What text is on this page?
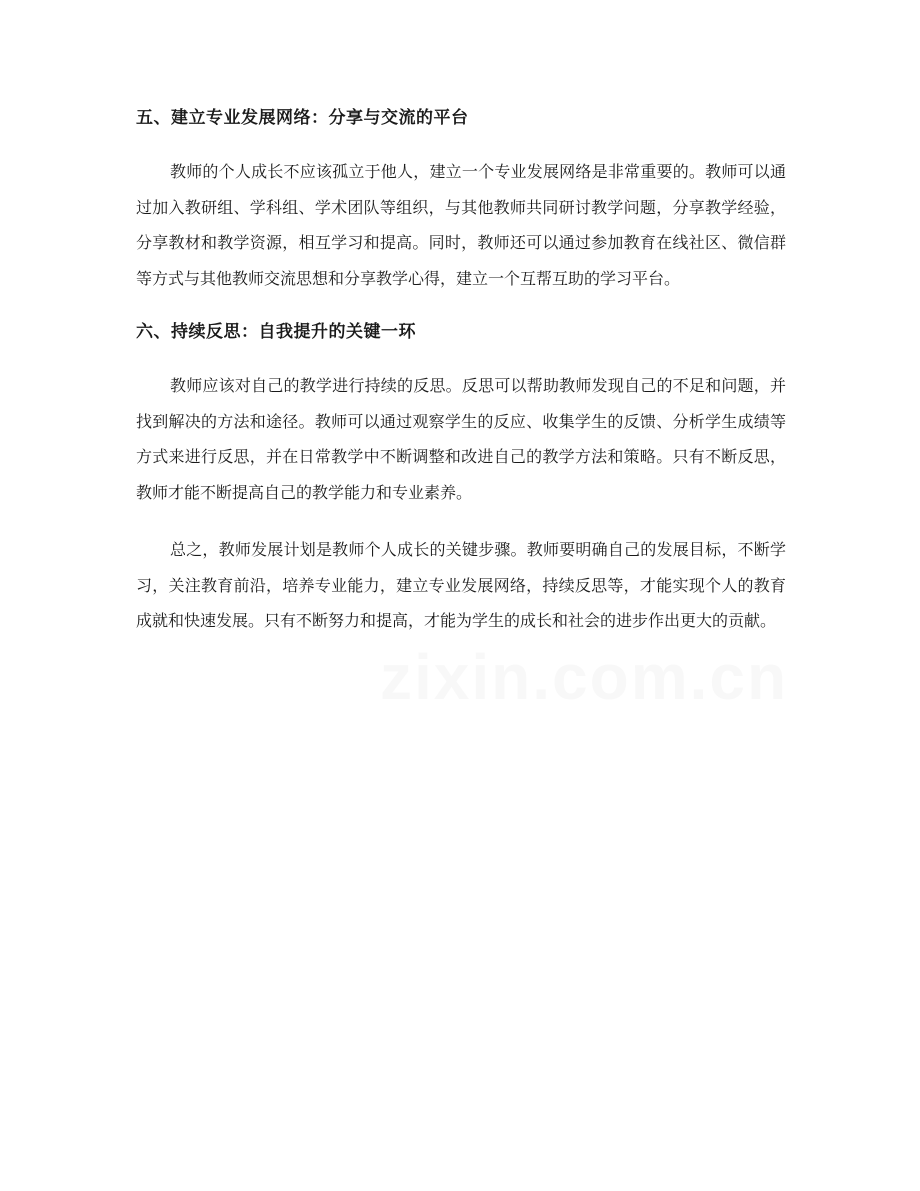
五、建立专业发展网络：分享与交流的平台

教师的个人成长不应该孤立于他人，建立一个专业发展网络是非常重要的。教师可以通过加入教研组、学科组、学术团队等组织，与其他教师共同研讨教学问题，分享教学经验，分享教材和教学资源，相互学习和提高。同时，教师还可以通过参加教育在线社区、微信群等方式与其他教师交流思想和分享教学心得，建立一个互帮互助的学习平台。

六、持续反思：自我提升的关键一环

教师应该对自己的教学进行持续的反思。反思可以帮助教师发现自己的不足和问题，并找到解决的方法和途径。教师可以通过观察学生的反应、收集学生的反馈、分析学生成绩等方式来进行反思，并在日常教学中不断调整和改进自己的教学方法和策略。只有不断反思，教师才能不断提高自己的教学能力和专业素养。

总之，教师发展计划是教师个人成长的关键步骤。教师要明确自己的发展目标，不断学习，关注教育前沿，培养专业能力，建立专业发展网络，持续反思等，才能实现个人的教育成就和快速发展。只有不断努力和提高，才能为学生的成长和社会的进步作出更大的贡献。

zixin.com.cn
